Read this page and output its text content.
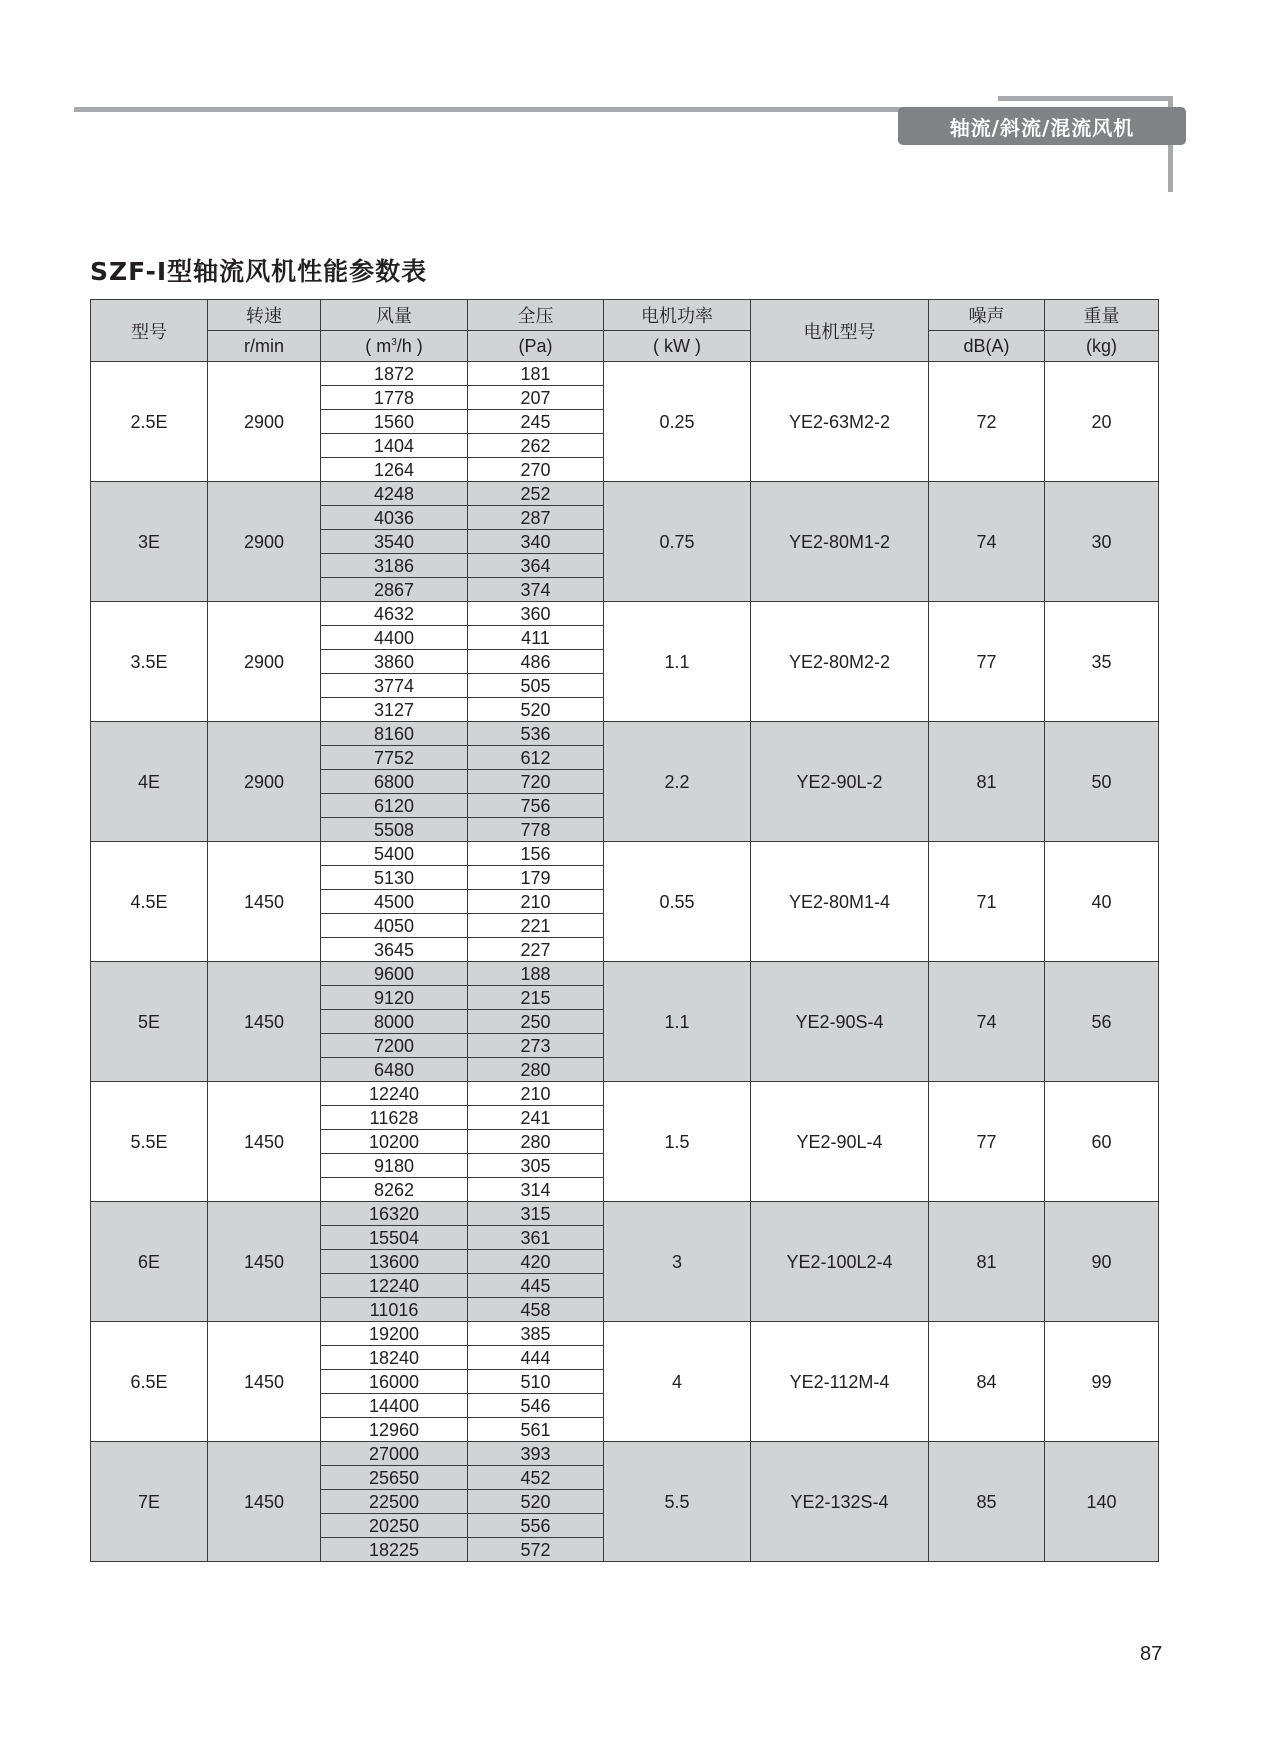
轴流/斜流/混流风机
SZF-I型轴流风机性能参数表
型号	转速	风量	全压	电机功率	电机型号	噪声	重量
	r/min	( $m^3/h$ )	(Pa)	( kW )		dB(A)	(kg)
2.5E	2900	1872	181	0.25	YE2-63M2-2	72	20
		1778	207				
		1560	245				
		1404	262				
		1264	270				
3E	2900	4248	252	0.75	YE2-80M1-2	74	30
		4036	287				
		3540	340				
		3186	364				
		2867	374				
3.5E	2900	4632	360	1.1	YE2-80M2-2	77	35
		4400	411				
		3860	486				
		3774	505				
		3127	520				
4E	2900	8160	536	2.2	YE2-90L-2	81	50
		7752	612				
		6800	720				
		6120	756				
		5508	778				
4.5E	1450	5400	156	0.55	YE2-80M1-4	71	40
		5130	179				
		4500	210				
		4050	221				
		3645	227				
5E	1450	9600	188	1.1	YE2-90S-4	74	56
		9120	215				
		8000	250				
		7200	273				
		6480	280				
5.5E	1450	12240	210	1.5	YE2-90L-4	77	60
		11628	241				
		10200	280				
		9180	305				
		8262	314				
6E	1450	16320	315	3	YE2-100L2-4	81	90
		15504	361				
		13600	420				
		12240	445				
		11016	458				
6.5E	1450	19200	385	4	YE2-112M-4	84	99
		18240	444				
		16000	510				
		14400	546				
		12960	561				
7E	1450	27000	393	5.5	YE2-132S-4	85	140
		25650	452				
		22500	520				
		20250	556				
		18225	572				
87
